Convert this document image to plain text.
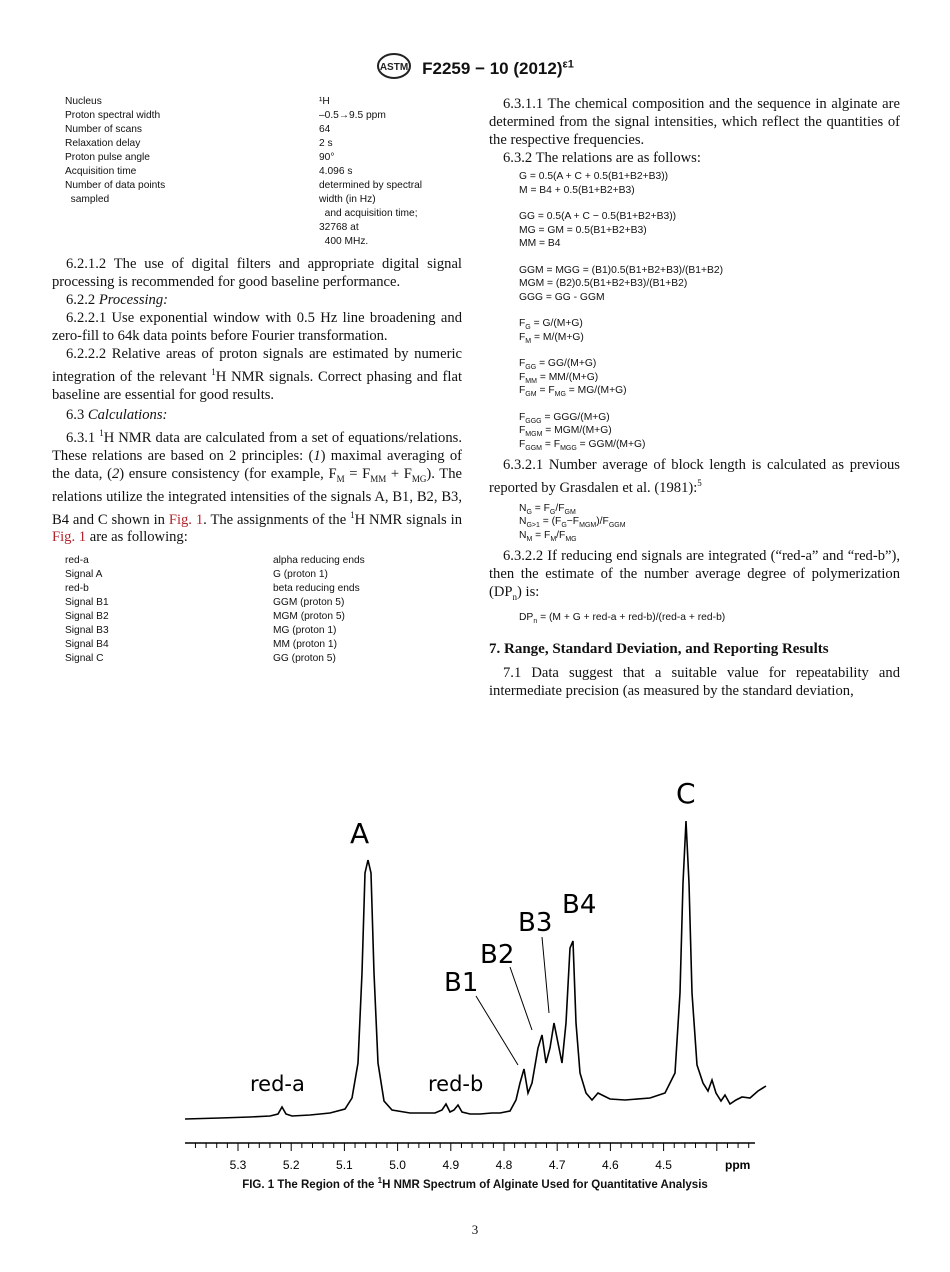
ASTM F2259 − 10 $(2012)^{\varepsilon 1}$
Nucleus	¹H
Proton spectral width	–0.5→9.5 ppm
Number of scans	64
Relaxation delay	2 s
Proton pulse angle	90°
Acquisition time	4.096 s
Number of data points
sampled	determined by spectral
width (in Hz)
and acquisition time;
32768 at
400 MHz.

6.2.1.2 The use of digital filters and appropriate digital signal processing is recommended for good baseline performance.

6.2.2 Processing:

6.2.2.1 Use exponential window with 0.5 Hz line broadening and zero-fill to 64k data points before Fourier transformation.

6.2.2.2 Relative areas of proton signals are estimated by numeric integration of the relevant $^1$H NMR signals. Correct phasing and flat baseline are essential for good results.

6.3 Calculations:

6.3.1 $^1$H NMR data are calculated from a set of equations/relations. These relations are based on 2 principles: (1) maximal averaging of the data, (2) ensure consistency (for example, $F_M = F_{MM} + F_{MG}$). The relations utilize the integrated intensities of the signals A, B1, B2, B3, B4 and C shown in Fig. 1. The assignments of the $^1$H NMR signals in Fig. 1 are as following:

red-a	alpha reducing ends
Signal A	G (proton 1)
red-b	beta reducing ends
Signal B1	GGM (proton 5)
Signal B2	MGM (proton 5)
Signal B3	MG (proton 1)
Signal B4	MM (proton 1)
Signal C	GG (proton 5)

6.3.1.1 The chemical composition and the sequence in alginate are determined from the signal intensities, which reflect the quantities of the respective frequencies.

6.3.2 The relations are as follows:

G = 0.5(A + C + 0.5(B1+B2+B3))
M = B4 + 0.5(B1+B2+B3)
GG = 0.5(A + C − 0.5(B1+B2+B3))
MG = GM = 0.5(B1+B2+B3)
MM = B4
GGM = MGG = (B1)0.5(B1+B2+B3)/(B1+B2)
MGM = (B2)0.5(B1+B2+B3)/(B1+B2)
GGG = GG - GGM
$F_G = G/(M+G)$
$F_M = M/(M+G)$
$F_{GG} = GG/(M+G)$
$F_{MM} = MM/(M+G)$
$F_{GM} = F_{MG} = MG/(M+G)$
$F_{GGG} = GGG/(M+G)$
$F_{MGM} = MGM/(M+G)$
$F_{GGM} = F_{MGG} = GGM/(M+G)$

6.3.2.1 Number average of block length is calculated as previous reported by Grasdalen et al. (1981):$^5$

$N_G = F_G/F_{GM}$
$N_{G>1} = (F_G-F_{MGM})/F_{GGM}$
$N_M = F_M/F_{MG}$

6.3.2.2 If reducing end signals are integrated (“red-a” and “red-b”), then the estimate of the number average degree of polymerization $(DP_n)$ is:

$DP_n = (M + G + red-a + red-b)/(red-a + red-b)$
7. Range, Standard Deviation, and Reporting Results

7.1 Data suggest that a suitable value for repeatability and intermediate precision (as measured by the standard deviation,

A
C
B1
B2
B3
B4
red-a	red-b
5.3	5.2	5.1	5.0	4.9	4.8	4.7	4.6	4.5	ppm
FIG. 1 The Region of the $^1$H NMR Spectrum of Alginate Used for Quantitative Analysis
3
